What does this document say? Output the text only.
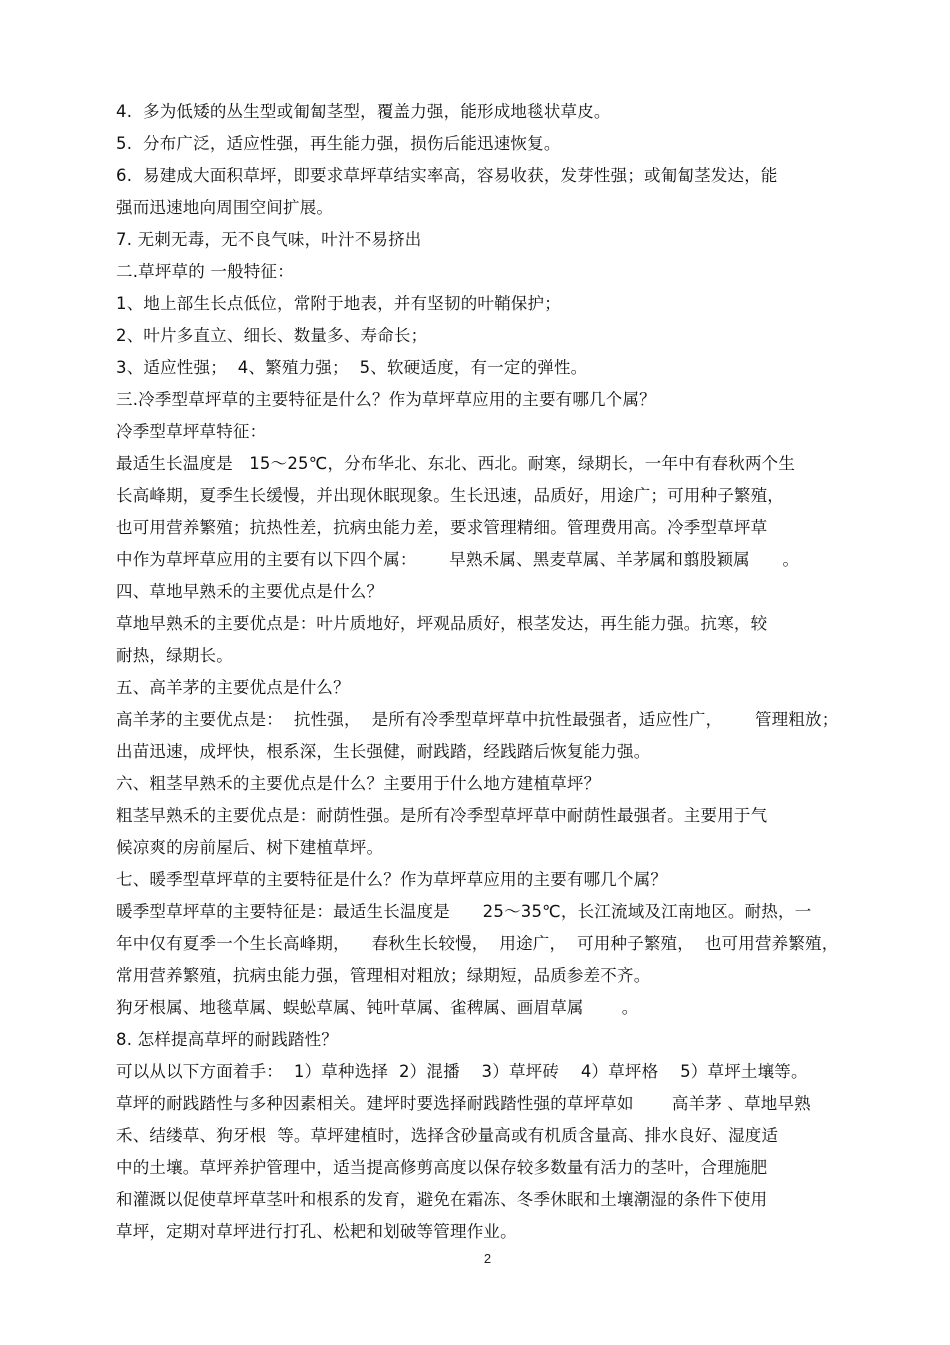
4.  多为低矮的丛生型或匍匐茎型，覆盖力强，能形成地毯状草皮。
5.  分布广泛，适应性强，再生能力强，损伤后能迅速恢复。
6.  易建成大面积草坪，即要求草坪草结实率高，容易收获，发芽性强；或匍匐茎发达，能
强而迅速地向周围空间扩展。
7. 无刺无毒，无不良气味，叶汁不易挤出
二.草坪草的 一般特征：
1、地上部生长点低位，常附于地表，并有坚韧的叶鞘保护；
2、叶片多直立、细长、数量多、寿命长；
3、适应性强；  4、繁殖力强；  5、软硬适度，有一定的弹性。
三.冷季型草坪草的主要特征是什么？作为草坪草应用的主要有哪几个属？
冷季型草坪草特征：
最适生长温度是   15～25℃，分布华北、东北、西北。耐寒，绿期长，一年中有春秋两个生
长高峰期，夏季生长缓慢，并出现休眠现象。生长迅速，品质好，用途广；可用种子繁殖，
也可用营养繁殖；抗热性差，抗病虫能力差，要求管理精细。管理费用高。冷季型草坪草
中作为草坪草应用的主要有以下四个属：      早熟禾属、黑麦草属、羊茅属和翦股颖属      。
四、草地早熟禾的主要优点是什么？
草地早熟禾的主要优点是：叶片质地好，坪观品质好，根茎发达，再生能力强。抗寒，较
耐热，绿期长。
五、高羊茅的主要优点是什么？
高羊茅的主要优点是：  抗性强，  是所有冷季型草坪草中抗性最强者，适应性广，      管理粗放；
出苗迅速，成坪快，根系深，生长强健，耐践踏，经践踏后恢复能力强。
六、粗茎早熟禾的主要优点是什么？主要用于什么地方建植草坪？
粗茎早熟禾的主要优点是：耐荫性强。是所有冷季型草坪草中耐荫性最强者。主要用于气
候凉爽的房前屋后、树下建植草坪。
七、暖季型草坪草的主要特征是什么？作为草坪草应用的主要有哪几个属？
暖季型草坪草的主要特征是：最适生长温度是      25～35℃，长江流域及江南地区。耐热，一
年中仅有夏季一个生长高峰期，    春秋生长较慢，  用途广，  可用种子繁殖，  也可用营养繁殖，
常用营养繁殖，抗病虫能力强，管理相对粗放；绿期短，品质参差不齐。
狗牙根属、地毯草属、蜈蚣草属、钝叶草属、雀稗属、画眉草属       。
8. 怎样提高草坪的耐践踏性？
可以从以下方面着手：  1）草种选择  2）混播    3）草坪砖    4）草坪格    5）草坪土壤等。
草坪的耐践踏性与多种因素相关。建坪时要选择耐践踏性强的草坪草如       高羊茅 、草地早熟
禾、结缕草、狗牙根  等。草坪建植时，选择含砂量高或有机质含量高、排水良好、湿度适
中的土壤。草坪养护管理中，适当提高修剪高度以保存较多数量有活力的茎叶，合理施肥
和灌溉以促使草坪草茎叶和根系的发育，避免在霜冻、冬季休眠和土壤潮湿的条件下使用
草坪，定期对草坪进行打孔、松耙和划破等管理作业。
2
